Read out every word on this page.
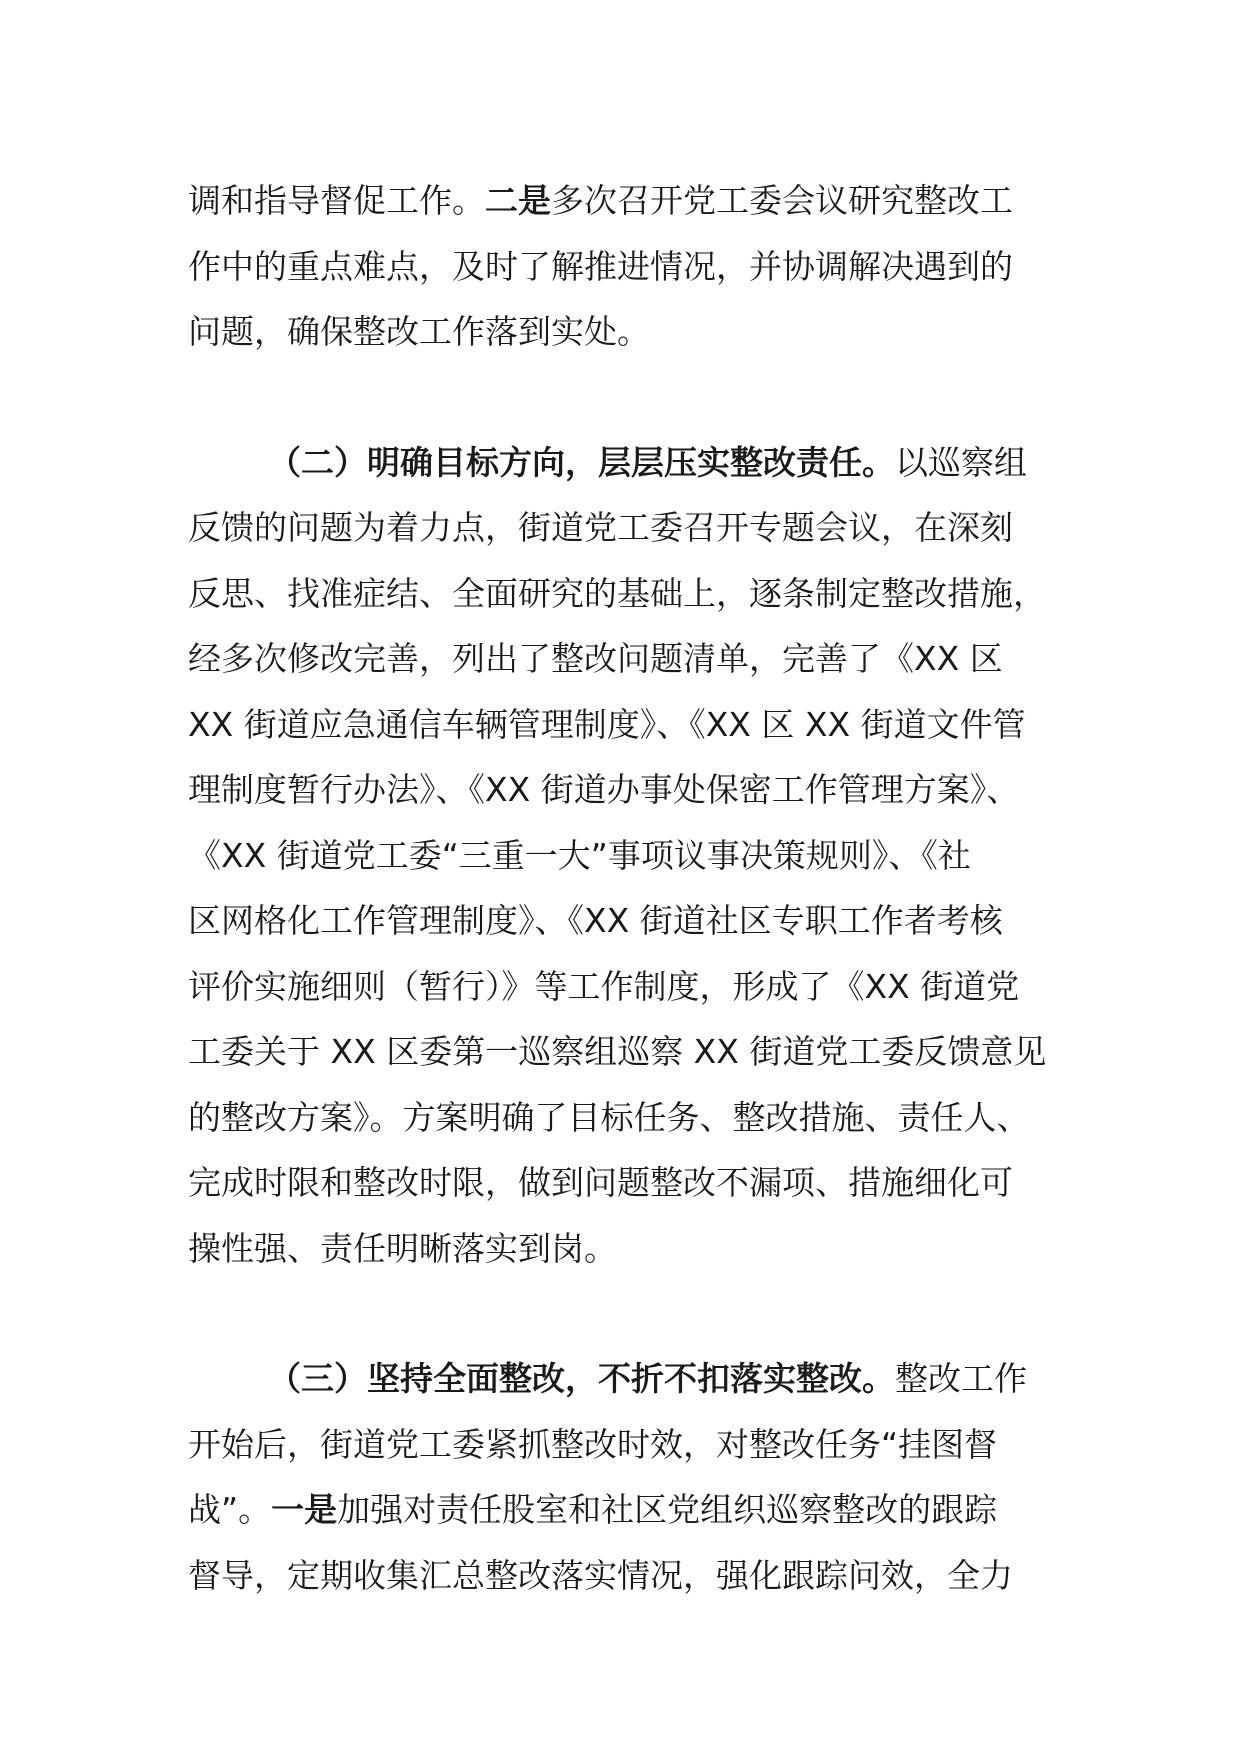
调和指导督促工作。二是多次召开党工委会议研究整改工
作中的重点难点，及时了解推进情况，并协调解决遇到的
问题，确保整改工作落到实处。

（二）明确目标方向，层层压实整改责任。以巡察组
反馈的问题为着力点，街道党工委召开专题会议，在深刻
反思、找准症结、全面研究的基础上，逐条制定整改措施，
经多次修改完善，列出了整改问题清单，完善了《XX 区
XX 街道应急通信车辆管理制度》、《XX 区 XX 街道文件管
理制度暂行办法》、《XX 街道办事处保密工作管理方案》、
《XX 街道党工委“三重一大”事项议事决策规则》、《社
区网格化工作管理制度》、《XX 街道社区专职工作者考核
评价实施细则（暂行）》等工作制度，形成了《XX 街道党
工委关于 XX 区委第一巡察组巡察 XX 街道党工委反馈意见
的整改方案》。方案明确了目标任务、整改措施、责任人、
完成时限和整改时限，做到问题整改不漏项、措施细化可
操性强、责任明晰落实到岗。

（三）坚持全面整改，不折不扣落实整改。整改工作
开始后，街道党工委紧抓整改时效，对整改任务“挂图督
战”。一是加强对责任股室和社区党组织巡察整改的跟踪
督导，定期收集汇总整改落实情况，强化跟踪问效，全力
